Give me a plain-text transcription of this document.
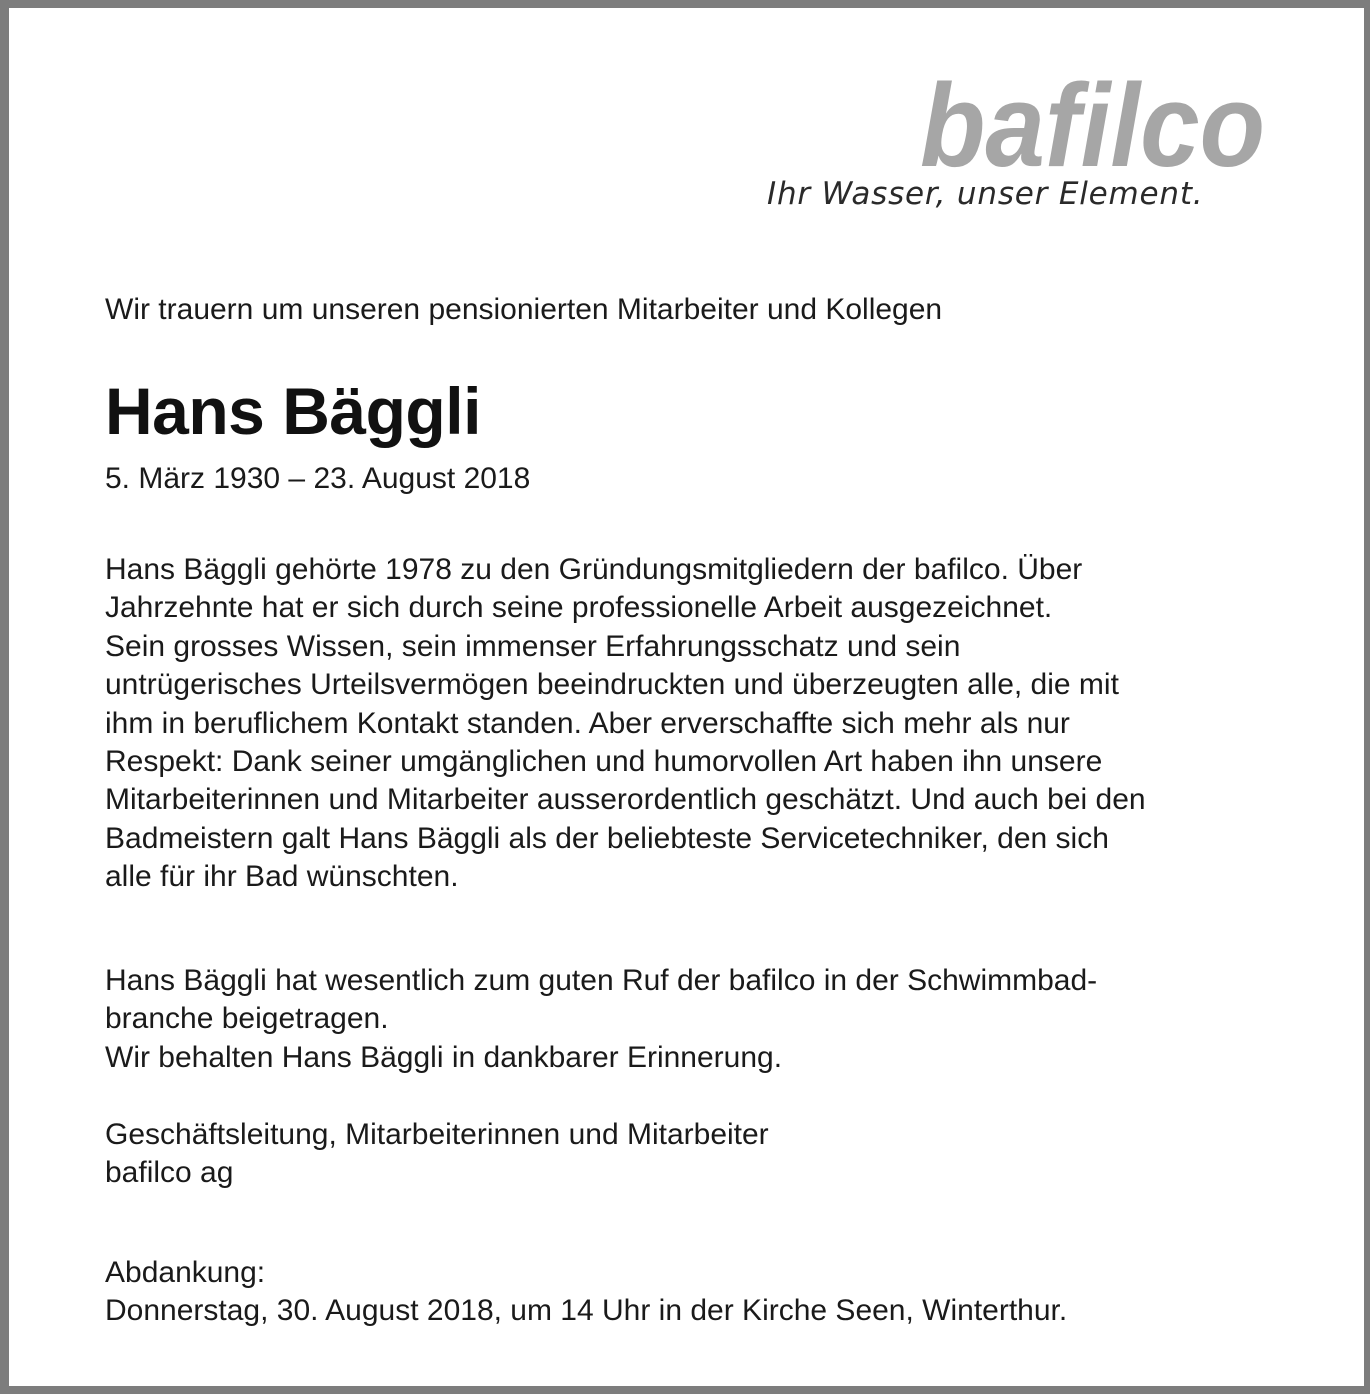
bafilco
Ihr Wasser, unser Element.
Wir trauern um unseren pensionierten Mitarbeiter und Kollegen
Hans Bäggli
5. März 1930 – 23. August 2018
Hans Bäggli gehörte 1978 zu den Gründungsmitgliedern der bafilco. Über
Jahrzehnte hat er sich durch seine professionelle Arbeit ausgezeichnet.
Sein grosses Wissen, sein immenser Erfahrungsschatz und sein
untrügerisches Urteilsvermögen beeindruckten und überzeugten alle, die mit
ihm in beruflichem Kontakt standen. Aber erverschaffte sich mehr als nur
Respekt: Dank seiner umgänglichen und humorvollen Art haben ihn unsere
Mitarbeiterinnen und Mitarbeiter ausserordentlich geschätzt. Und auch bei den
Badmeistern galt Hans Bäggli als der beliebteste Servicetechniker, den sich
alle für ihr Bad wünschten.
Hans Bäggli hat wesentlich zum guten Ruf der bafilco in der Schwimmbad-
branche beigetragen.
Wir behalten Hans Bäggli in dankbarer Erinnerung.
Geschäftsleitung, Mitarbeiterinnen und Mitarbeiter
bafilco ag
Abdankung:
Donnerstag, 30. August 2018, um 14 Uhr in der Kirche Seen, Winterthur.
